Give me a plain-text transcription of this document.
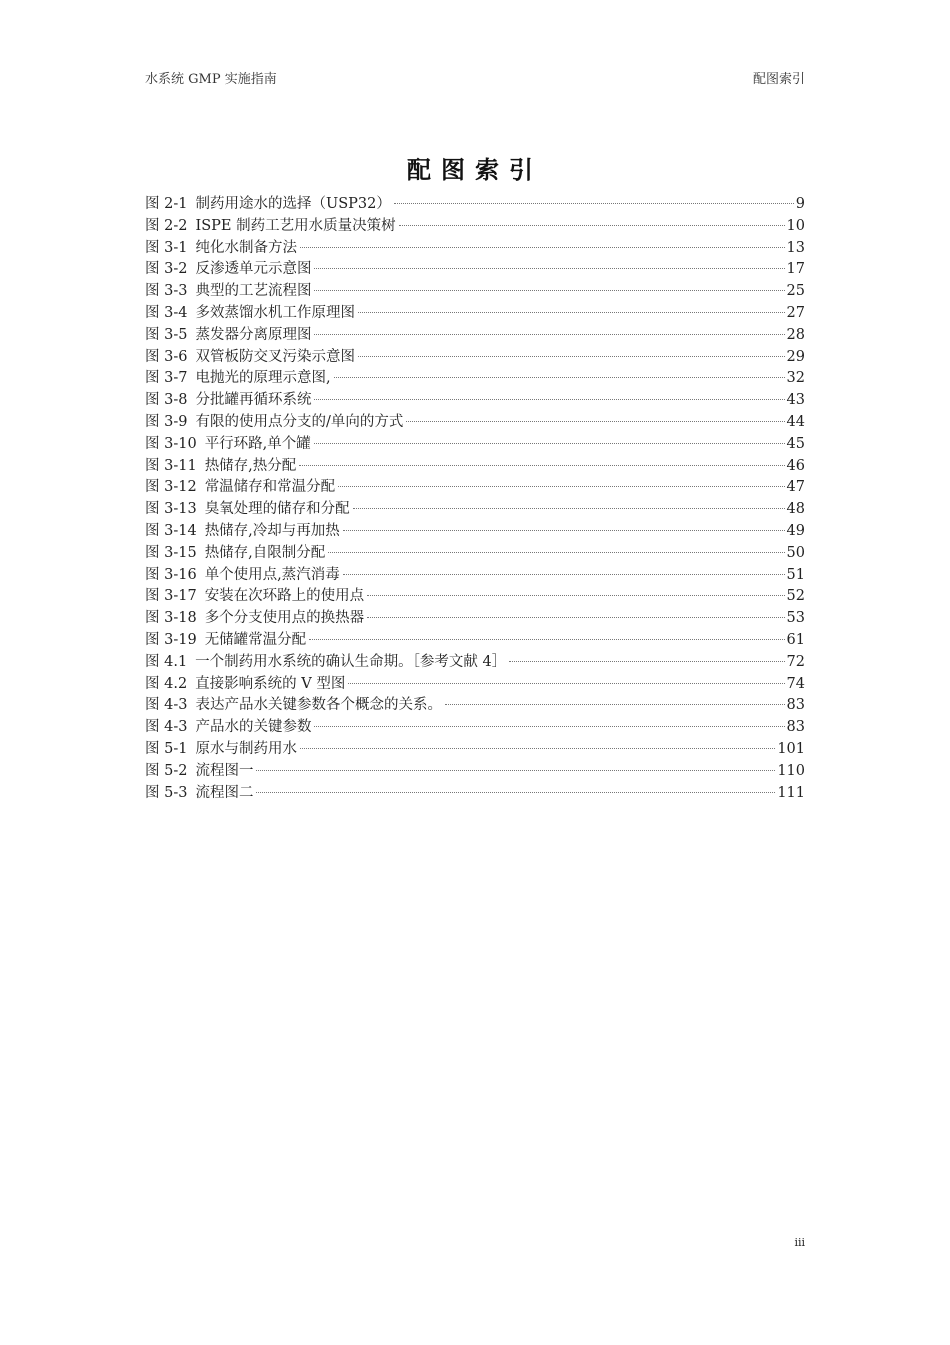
水系统 GMP 实施指南	配图索引
配图索引
图 2-1 制药用途水的选择（USP32）	9
图 2-2 ISPE 制药工艺用水质量决策树	10
图 3-1 纯化水制备方法	13
图 3-2 反渗透单元示意图	17
图 3-3 典型的工艺流程图	25
图 3-4 多效蒸馏水机工作原理图	27
图 3-5 蒸发器分离原理图	28
图 3-6 双管板防交叉污染示意图	29
图 3-7 电抛光的原理示意图,	32
图 3-8 分批罐再循环系统	43
图 3-9 有限的使用点分支的/单向的方式	44
图 3-10 平行环路,单个罐	45
图 3-11 热储存,热分配	46
图 3-12 常温储存和常温分配	47
图 3-13 臭氧处理的储存和分配	48
图 3-14 热储存,冷却与再加热	49
图 3-15 热储存,自限制分配	50
图 3-16 单个使用点,蒸汽消毒	51
图 3-17 安装在次环路上的使用点	52
图 3-18 多个分支使用点的换热器	53
图 3-19 无储罐常温分配	61
图 4.1 一个制药用水系统的确认生命期。［参考文献 4］	72
图 4.2 直接影响系统的 V 型图	74
图 4-3 表达产品水关键参数各个概念的关系。	83
图 4-3 产品水的关键参数	83
图 5-1 原水与制药用水	101
图 5-2 流程图一	110
图 5-3 流程图二	111
iii
